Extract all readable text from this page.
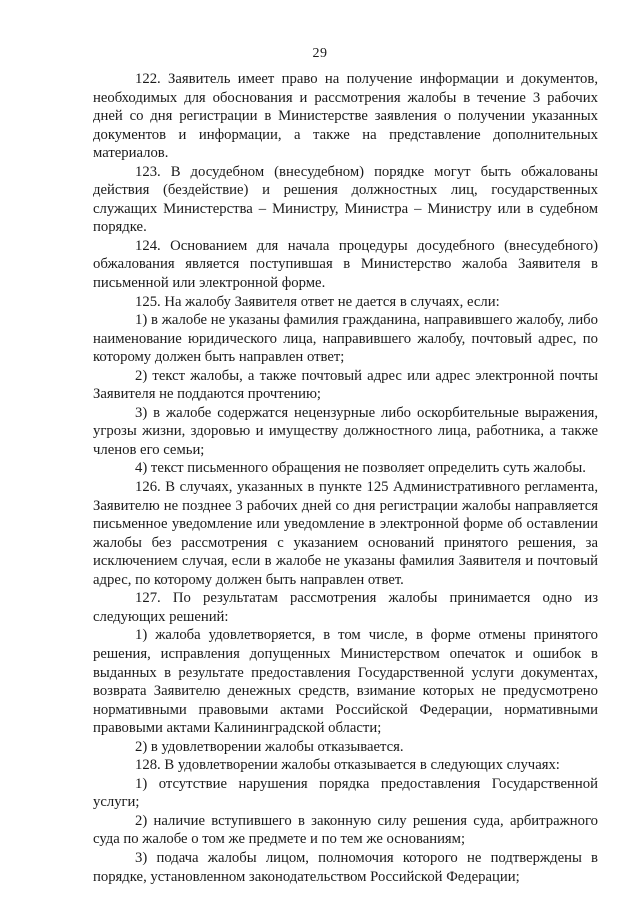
29

122. Заявитель имеет право на получение информации и документов, необходимых для обоснования и рассмотрения жалобы в течение 3 рабочих дней со дня регистрации в Министерстве заявления о получении указанных документов и информации, а также на представление дополнительных материалов.

123. В досудебном (внесудебном) порядке могут быть обжалованы действия (бездействие) и решения должностных лиц, государственных служащих Министерства – Министру, Министра – Министру или в судебном порядке.

124. Основанием для начала процедуры досудебного (внесудебного) обжалования является поступившая в Министерство жалоба Заявителя в письменной или электронной форме.

125. На жалобу Заявителя ответ не дается в случаях, если:

1) в жалобе не указаны фамилия гражданина, направившего жалобу, либо наименование юридического лица, направившего жалобу, почтовый адрес, по которому должен быть направлен ответ;

2) текст жалобы, а также почтовый адрес или адрес электронной почты Заявителя не поддаются прочтению;

3) в жалобе содержатся нецензурные либо оскорбительные выражения, угрозы жизни, здоровью и имуществу должностного лица, работника, а также членов его семьи;

4) текст письменного обращения не позволяет определить суть жалобы.

126. В случаях, указанных в пункте 125 Административного регламента, Заявителю не позднее 3 рабочих дней со дня регистрации жалобы направляется письменное уведомление или уведомление в электронной форме об оставлении жалобы без рассмотрения с указанием оснований принятого решения, за исключением случая, если в жалобе не указаны фамилия Заявителя и почтовый адрес, по которому должен быть направлен ответ.

127. По результатам рассмотрения жалобы принимается одно из следующих решений:

1) жалоба удовлетворяется, в том числе, в форме отмены принятого решения, исправления допущенных Министерством опечаток и ошибок в выданных в результате предоставления Государственной услуги документах, возврата Заявителю денежных средств, взимание которых не предусмотрено нормативными правовыми актами Российской Федерации, нормативными правовыми актами Калининградской области;

2) в удовлетворении жалобы отказывается.

128. В удовлетворении жалобы отказывается в следующих случаях:

1) отсутствие нарушения порядка предоставления Государственной услуги;

2) наличие вступившего в законную силу решения суда, арбитражного суда по жалобе о том же предмете и по тем же основаниям;

3) подача жалобы лицом, полномочия которого не подтверждены в порядке, установленном законодательством Российской Федерации;
